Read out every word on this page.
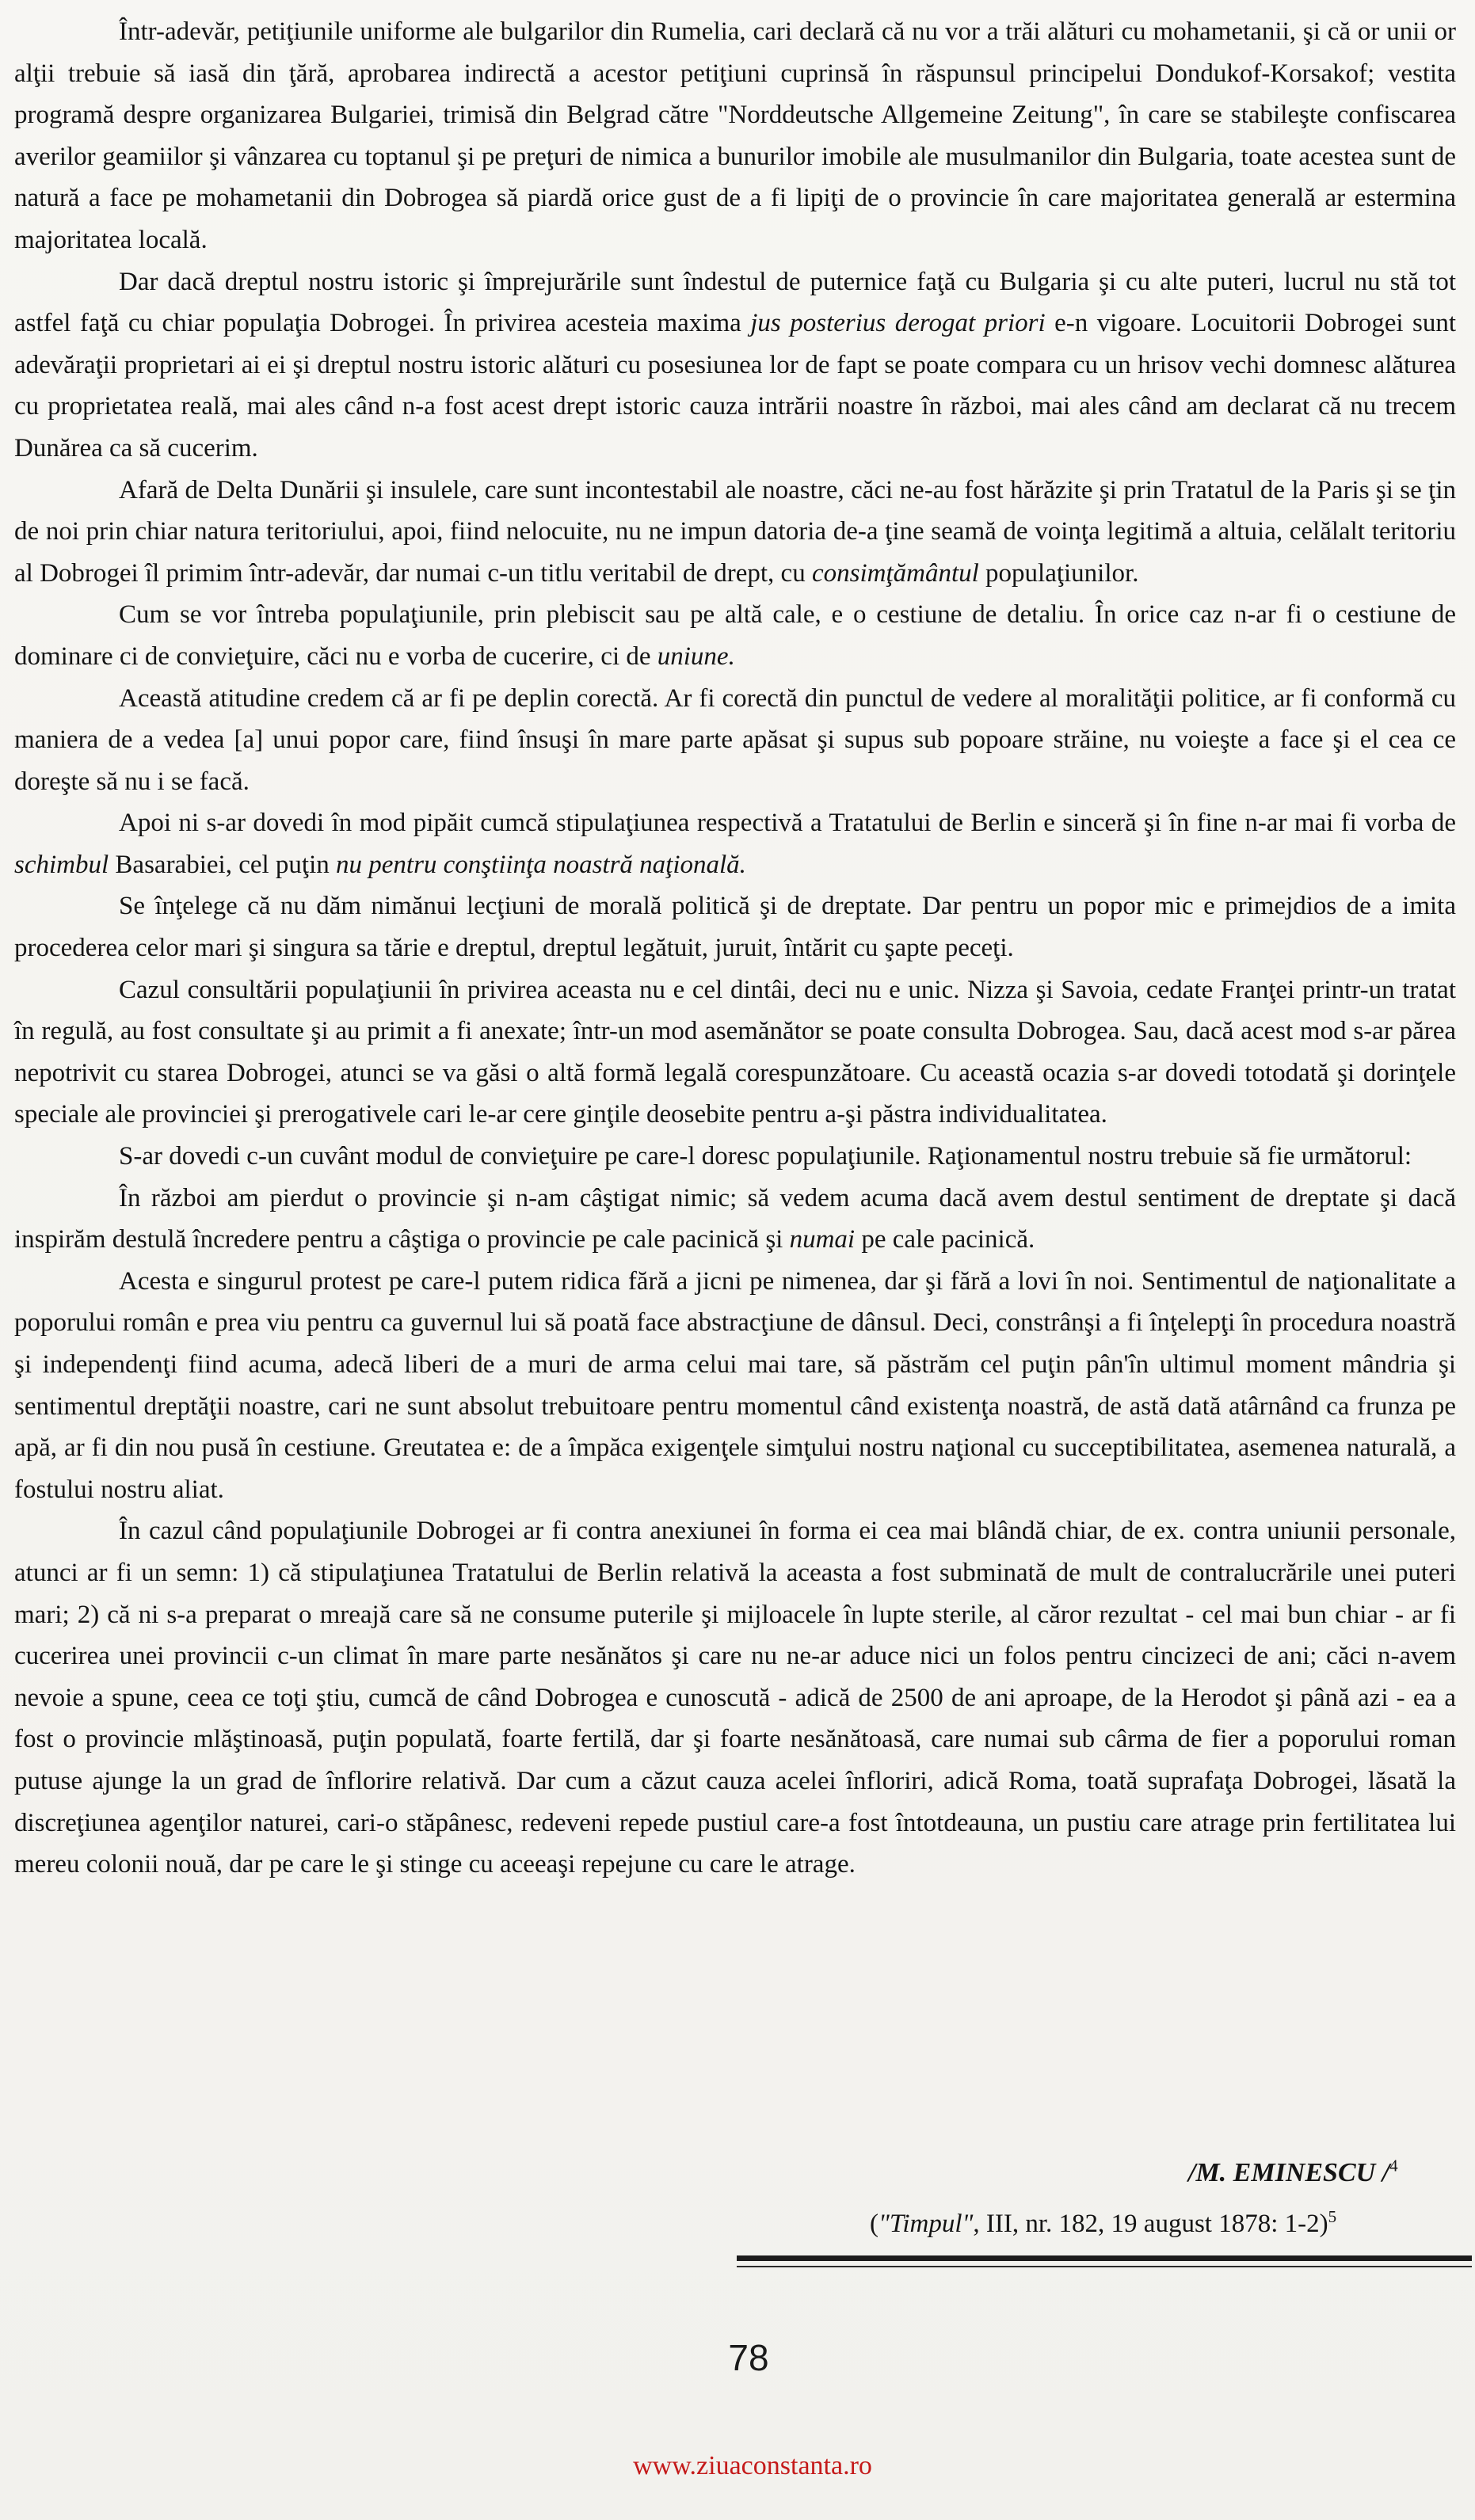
Într-adevăr, petiţiunile uniforme ale bulgarilor din Rumelia, cari declară că nu vor a trăi alături cu mohametanii, şi că or unii or alţii trebuie să iasă din ţără, aprobarea indirectă a acestor petiţiuni cuprinsă în răspunsul principelui Dondukof-Korsakof; vestita programă despre organizarea Bulgariei, trimisă din Belgrad către "Norddeutsche Allgemeine Zeitung", în care se stabileşte confiscarea averilor geamiilor şi vânzarea cu toptanul şi pe preţuri de nimica a bunurilor imobile ale musulmanilor din Bulgaria, toate acestea sunt de natură a face pe mohametanii din Dobrogea să piardă orice gust de a fi lipiţi de o provincie în care majoritatea generală ar estermina majoritatea locală.

Dar dacă dreptul nostru istoric şi împrejurările sunt îndestul de puternice faţă cu Bulgaria şi cu alte puteri, lucrul nu stă tot astfel faţă cu chiar populaţia Dobrogei. În privirea acesteia maxima jus posterius derogat priori e-n vigoare. Locuitorii Dobrogei sunt adevăraţii proprietari ai ei şi dreptul nostru istoric alături cu posesiunea lor de fapt se poate compara cu un hrisov vechi domnesc alăturea cu proprietatea reală, mai ales când n-a fost acest drept istoric cauza intrării noastre în război, mai ales când am declarat că nu trecem Dunărea ca să cucerim.

Afară de Delta Dunării şi insulele, care sunt incontestabil ale noastre, căci ne-au fost hărăzite şi prin Tratatul de la Paris şi se ţin de noi prin chiar natura teritoriului, apoi, fiind nelocuite, nu ne impun datoria de-a ţine seamă de voinţa legitimă a altuia, celălalt teritoriu al Dobrogei îl primim într-adevăr, dar numai c-un titlu veritabil de drept, cu consimţământul populaţiunilor.

Cum se vor întreba populaţiunile, prin plebiscit sau pe altă cale, e o cestiune de detaliu. În orice caz n-ar fi o cestiune de dominare ci de convieţuire, căci nu e vorba de cucerire, ci de uniune.

Această atitudine credem că ar fi pe deplin corectă. Ar fi corectă din punctul de vedere al moralităţii politice, ar fi conformă cu maniera de a vedea [a] unui popor care, fiind însuşi în mare parte apăsat şi supus sub popoare străine, nu voieşte a face şi el cea ce doreşte să nu i se facă.

Apoi ni s-ar dovedi în mod pipăit cumcă stipulaţiunea respectivă a Tratatului de Berlin e sinceră şi în fine n-ar mai fi vorba de schimbul Basarabiei, cel puţin nu pentru conştiinţa noastră naţională.

Se înţelege că nu dăm nimănui lecţiuni de morală politică şi de dreptate. Dar pentru un popor mic e primejdios de a imita procederea celor mari şi singura sa tărie e dreptul, dreptul legătuit, juruit, întărit cu şapte peceţi.

Cazul consultării populaţiunii în privirea aceasta nu e cel dintâi, deci nu e unic. Nizza şi Savoia, cedate Franţei printr-un tratat în regulă, au fost consultate şi au primit a fi anexate; într-un mod asemănător se poate consulta Dobrogea. Sau, dacă acest mod s-ar părea nepotrivit cu starea Dobrogei, atunci se va găsi o altă formă legală corespunzătoare. Cu această ocazia s-ar dovedi totodată şi dorinţele speciale ale provinciei şi prerogativele cari le-ar cere ginţile deosebite pentru a-şi păstra individualitatea.

S-ar dovedi c-un cuvânt modul de convieţuire pe care-l doresc populaţiunile. Raţionamentul nostru trebuie să fie următorul:

În război am pierdut o provincie şi n-am câştigat nimic; să vedem acuma dacă avem destul sentiment de dreptate şi dacă inspirăm destulă încredere pentru a câştiga o provincie pe cale pacinică şi numai pe cale pacinică.

Acesta e singurul protest pe care-l putem ridica fără a jicni pe nimenea, dar şi fără a lovi în noi. Sentimentul de naţionalitate a poporului român e prea viu pentru ca guvernul lui să poată face abstracţiune de dânsul. Deci, constrânşi a fi înţelepţi în procedura noastră şi independenţi fiind acuma, adecă liberi de a muri de arma celui mai tare, să păstrăm cel puţin pân'în ultimul moment mândria şi sentimentul dreptăţii noastre, cari ne sunt absolut trebuitoare pentru momentul când existenţa noastră, de astă dată atârnând ca frunza pe apă, ar fi din nou pusă în cestiune. Greutatea e: de a împăca exigenţele simţului nostru naţional cu succeptibilitatea, asemenea naturală, a fostului nostru aliat.

În cazul când populaţiunile Dobrogei ar fi contra anexiunei în forma ei cea mai blândă chiar, de ex. contra uniunii personale, atunci ar fi un semn: 1) că stipulaţiunea Tratatului de Berlin relativă la aceasta a fost subminată de mult de contralucrările unei puteri mari; 2) că ni s-a preparat o mreajă care să ne consume puterile şi mijloacele în lupte sterile, al căror rezultat - cel mai bun chiar - ar fi cucerirea unei provincii c-un climat în mare parte nesănătos şi care nu ne-ar aduce nici un folos pentru cincizeci de ani; căci n-avem nevoie a spune, ceea ce toţi ştiu, cumcă de când Dobrogea e cunoscută - adică de 2500 de ani aproape, de la Herodot şi până azi - ea a fost o provincie mlăştinoasă, puţin populată, foarte fertilă, dar şi foarte nesănătoasă, care numai sub cârma de fier a poporului roman putuse ajunge la un grad de înflorire relativă. Dar cum a căzut cauza acelei înfloriri, adică Roma, toată suprafaţa Dobrogei, lăsată la discreţiunea agenţilor naturei, cari-o stăpânesc, redeveni repede pustiul care-a fost întotdeauna, un pustiu care atrage prin fertilitatea lui mereu colonii nouă, dar pe care le şi stinge cu aceeaşi repejune cu care le atrage.

/M. EMINESCU /$^4$
("Timpul", III, nr. 182, 19 august 1878: 1-2)$^5$
78
www.ziuaconstanta.ro
